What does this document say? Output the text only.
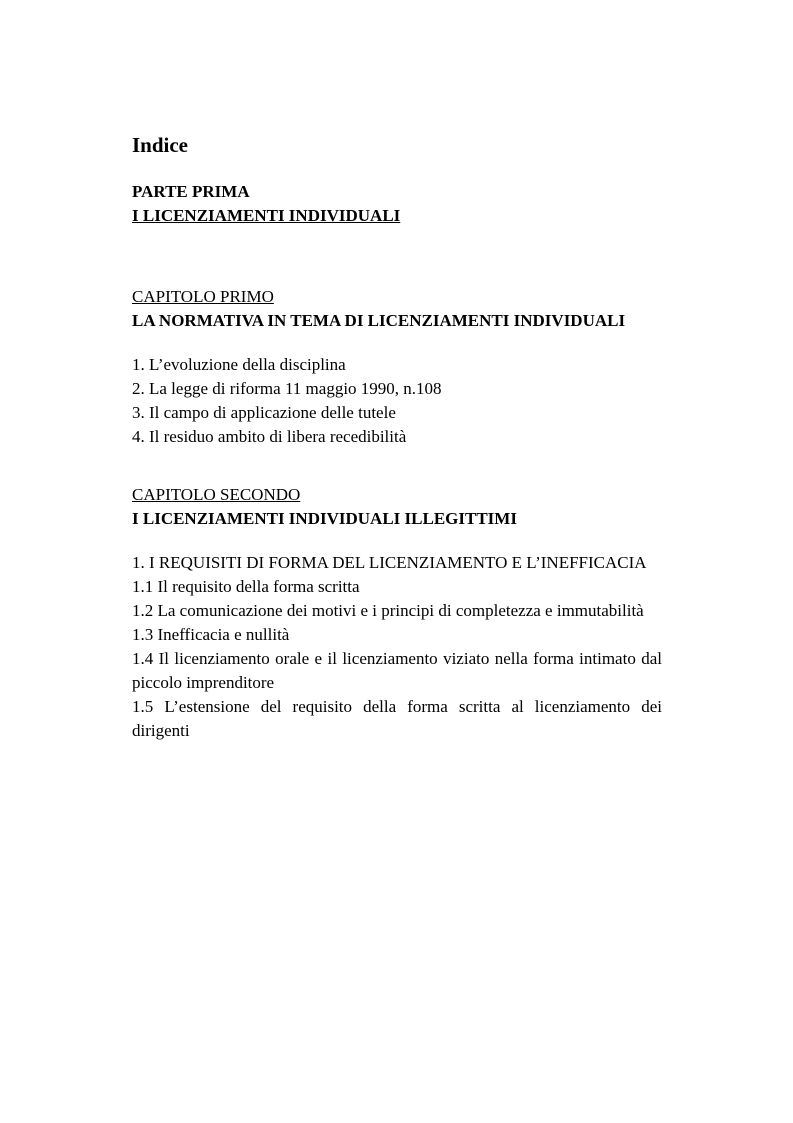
Indice

PARTE PRIMA

I LICENZIAMENTI INDIVIDUALI

CAPITOLO PRIMO

LA NORMATIVA IN TEMA DI LICENZIAMENTI INDIVIDUALI

1. L’evoluzione della disciplina
2. La legge di riforma 11 maggio 1990, n.108
3. Il campo di applicazione delle tutele
4. Il residuo ambito di libera recedibilità

CAPITOLO SECONDO

I LICENZIAMENTI INDIVIDUALI ILLEGITTIMI

1. I REQUISITI DI FORMA DEL LICENZIAMENTO E L’INEFFICACIA
1.1 Il requisito della forma scritta
1.2 La comunicazione dei motivi e i principi di completezza e immutabilità
1.3 Inefficacia e nullità
1.4 Il licenziamento orale e il licenziamento viziato nella forma intimato dal piccolo imprenditore
1.5 L’estensione del requisito della forma scritta al licenziamento dei dirigenti
